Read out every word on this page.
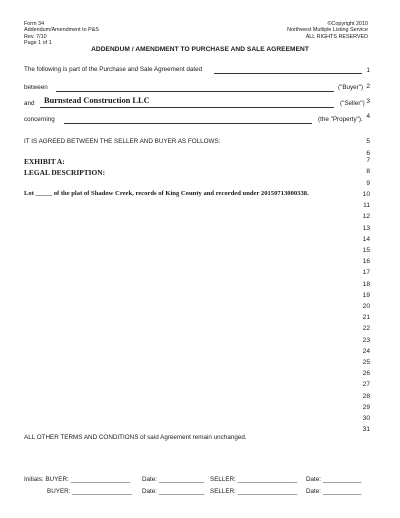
Form 34
Addendum/Amendment to P&S
Rev. 7/10
Page 1 of 1
©Copyright 2010
Northwest Multiple Listing Service
ALL RIGHTS RESERVED
ADDENDUM / AMENDMENT TO PURCHASE AND SALE AGREEMENT
The following is part of the Purchase and Sale Agreement dated
between	("Buyer")
and Burnstead Construction LLC	("Seller")
concerning	(the "Property").
IT IS AGREED BETWEEN THE SELLER AND BUYER AS FOLLOWS:
EXHIBIT A:
LEGAL DESCRIPTION:
Lot _____ of the plat of Shadow Creek, records of King County and recorded under 20150713000338.
1
2
3
4
5
6
7
8
9
10
11
12
13
14
15
16
17
18
19
20
21
22
23
24
25
26
27
28
29
30
31
ALL OTHER TERMS AND CONDITIONS of said Agreement remain unchanged.
Initials: BUYER: _________________ Date: _____________ SELLER: _________________ Date: ___________
BUYER: _________________ Date: _____________ SELLER: _________________ Date: ___________
